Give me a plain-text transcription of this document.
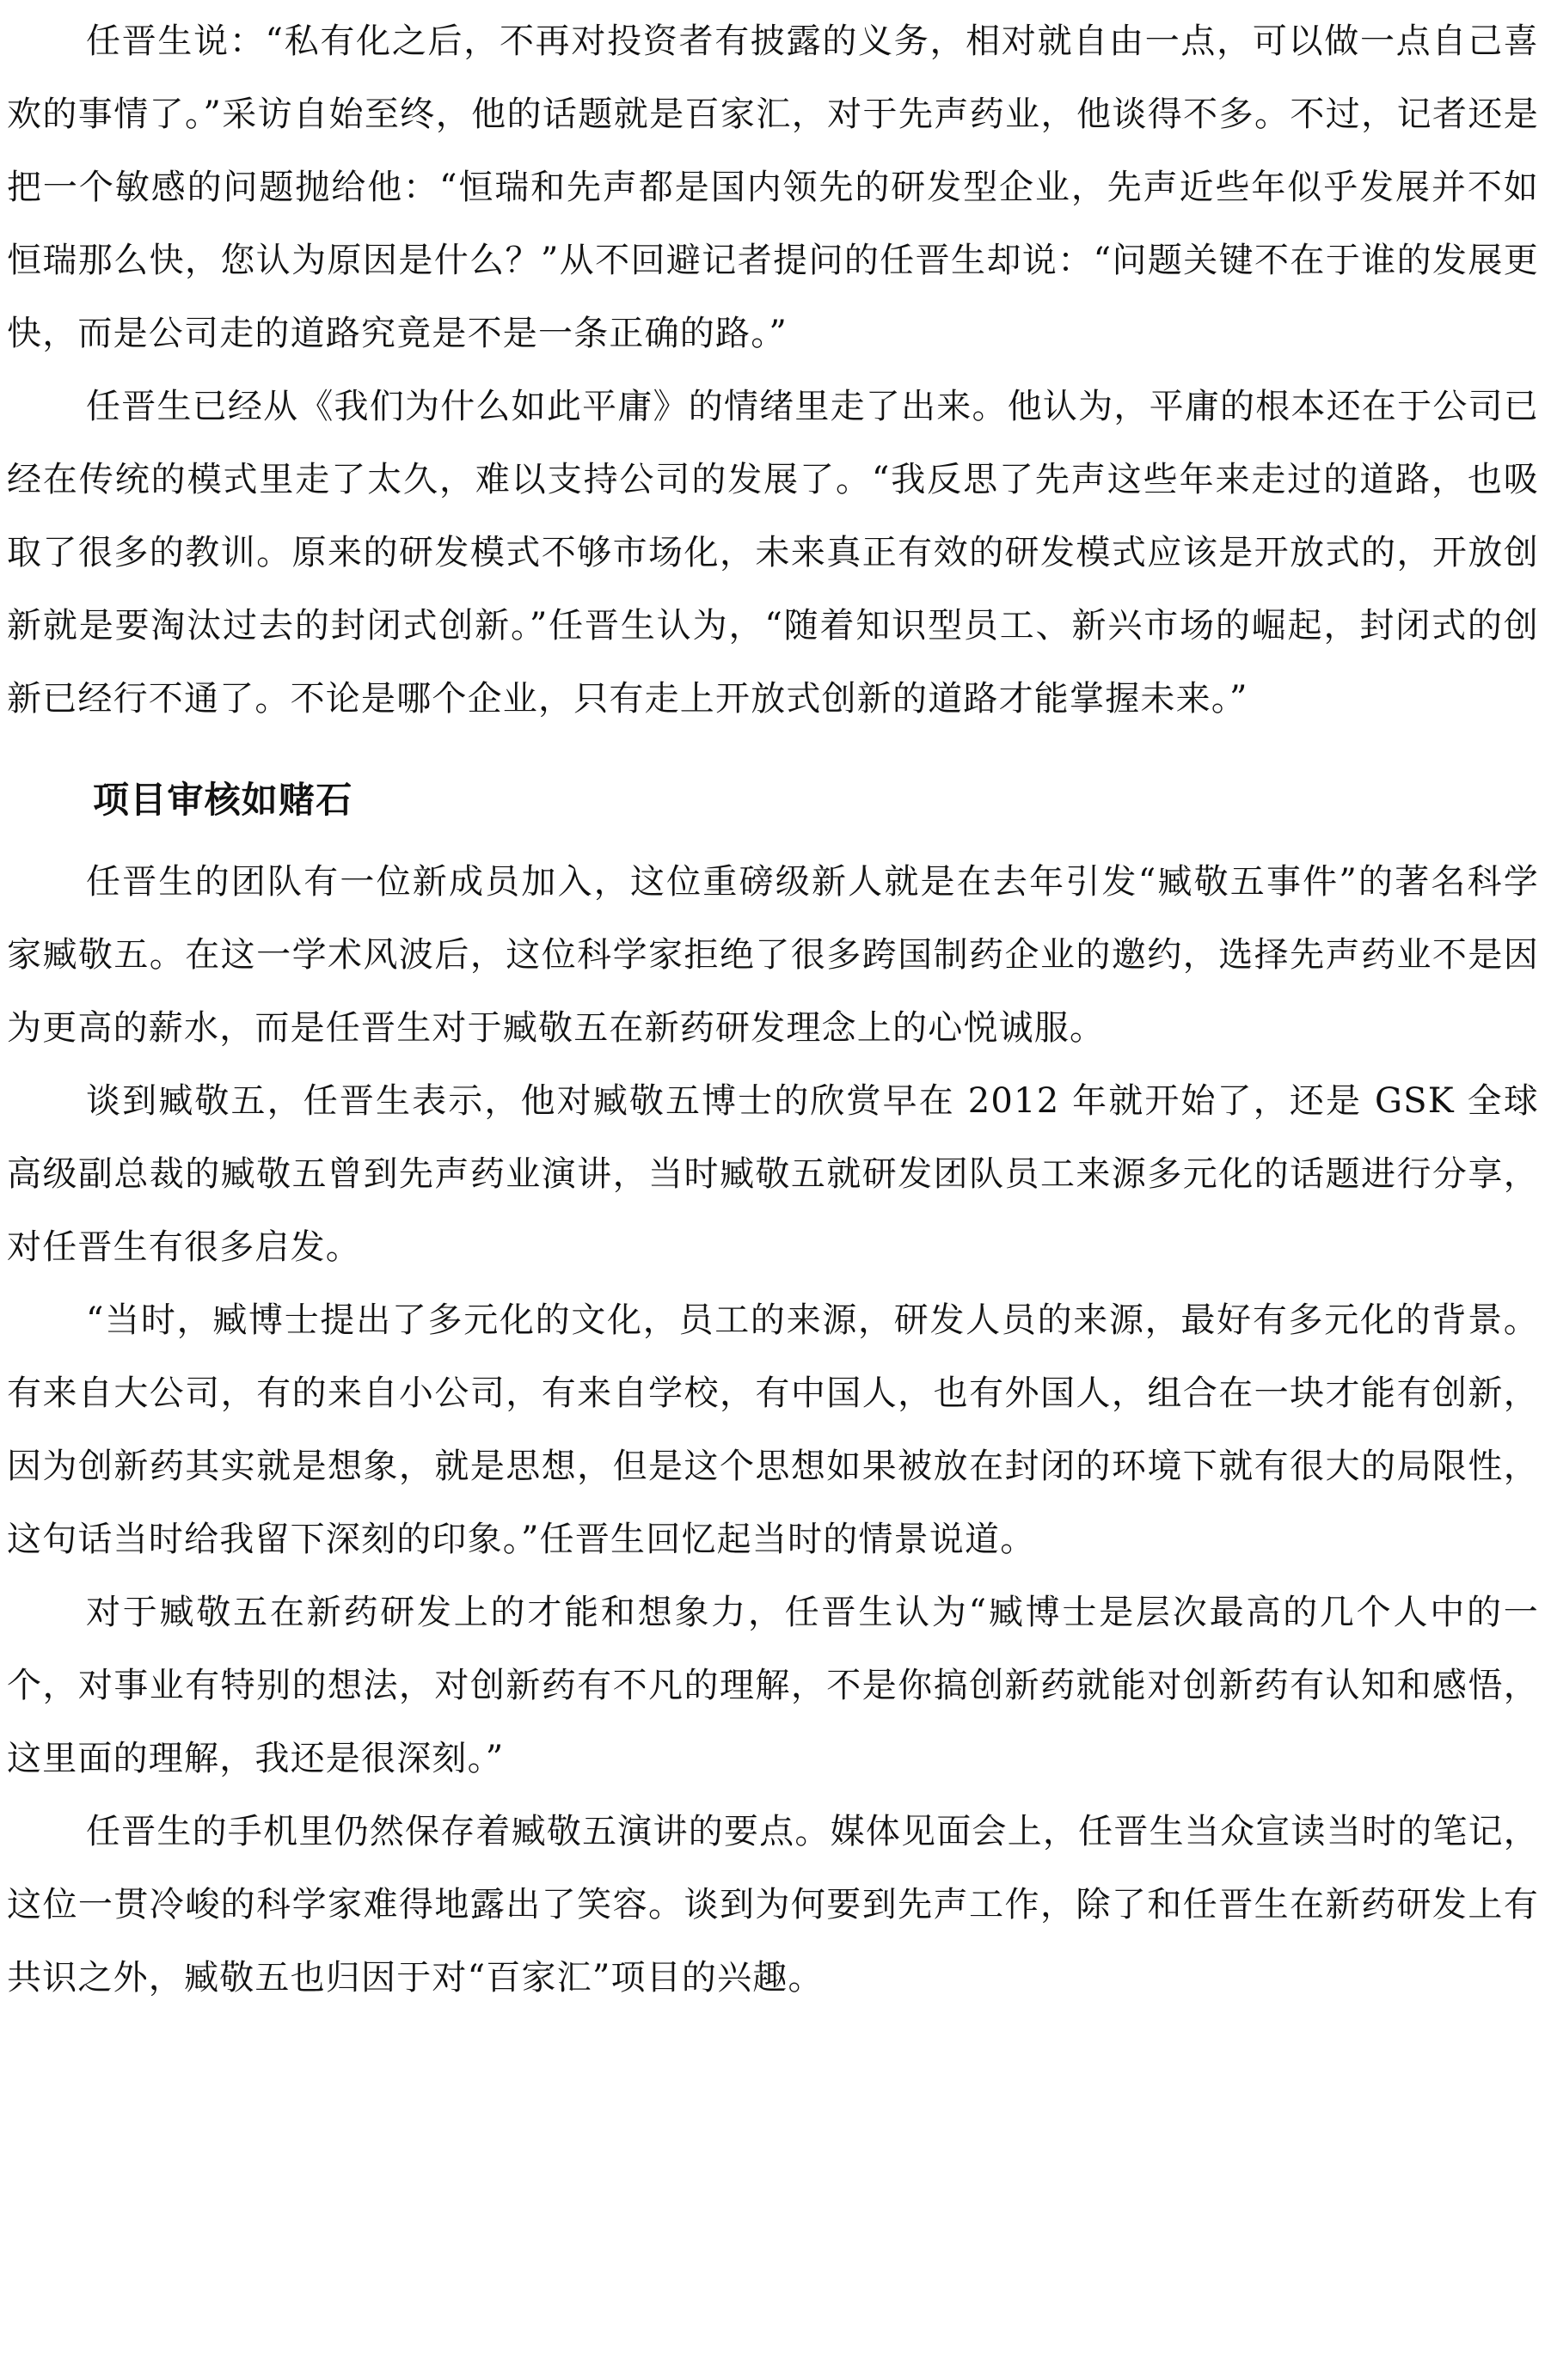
任晋生说：“私有化之后，不再对投资者有披露的义务，相对就自由一点，可以做一点自己喜欢的事情了。”采访自始至终，他的话题就是百家汇，对于先声药业，他谈得不多。不过，记者还是把一个敏感的问题抛给他：“恒瑞和先声都是国内领先的研发型企业，先声近些年似乎发展并不如恒瑞那么快，您认为原因是什么？”从不回避记者提问的任晋生却说：“问题关键不在于谁的发展更快，而是公司走的道路究竟是不是一条正确的路。”

任晋生已经从《我们为什么如此平庸》的情绪里走了出来。他认为，平庸的根本还在于公司已经在传统的模式里走了太久，难以支持公司的发展了。“我反思了先声这些年来走过的道路，也吸取了很多的教训。原来的研发模式不够市场化，未来真正有效的研发模式应该是开放式的，开放创新就是要淘汰过去的封闭式创新。”任晋生认为，“随着知识型员工、新兴市场的崛起，封闭式的创新已经行不通了。不论是哪个企业，只有走上开放式创新的道路才能掌握未来。”

项目审核如赌石

任晋生的团队有一位新成员加入，这位重磅级新人就是在去年引发“臧敬五事件”的著名科学家臧敬五。在这一学术风波后，这位科学家拒绝了很多跨国制药企业的邀约，选择先声药业不是因为更高的薪水，而是任晋生对于臧敬五在新药研发理念上的心悦诚服。

谈到臧敬五，任晋生表示，他对臧敬五博士的欣赏早在 2012 年就开始了，还是 GSK 全球高级副总裁的臧敬五曾到先声药业演讲，当时臧敬五就研发团队员工来源多元化的话题进行分享，对任晋生有很多启发。

“当时，臧博士提出了多元化的文化，员工的来源，研发人员的来源，最好有多元化的背景。有来自大公司，有的来自小公司，有来自学校，有中国人，也有外国人，组合在一块才能有创新，因为创新药其实就是想象，就是思想，但是这个思想如果被放在封闭的环境下就有很大的局限性，这句话当时给我留下深刻的印象。”任晋生回忆起当时的情景说道。

对于臧敬五在新药研发上的才能和想象力，任晋生认为“臧博士是层次最高的几个人中的一个，对事业有特别的想法，对创新药有不凡的理解，不是你搞创新药就能对创新药有认知和感悟，这里面的理解，我还是很深刻。”

任晋生的手机里仍然保存着臧敬五演讲的要点。媒体见面会上，任晋生当众宣读当时的笔记，这位一贯冷峻的科学家难得地露出了笑容。谈到为何要到先声工作，除了和任晋生在新药研发上有共识之外，臧敬五也归因于对“百家汇”项目的兴趣。
